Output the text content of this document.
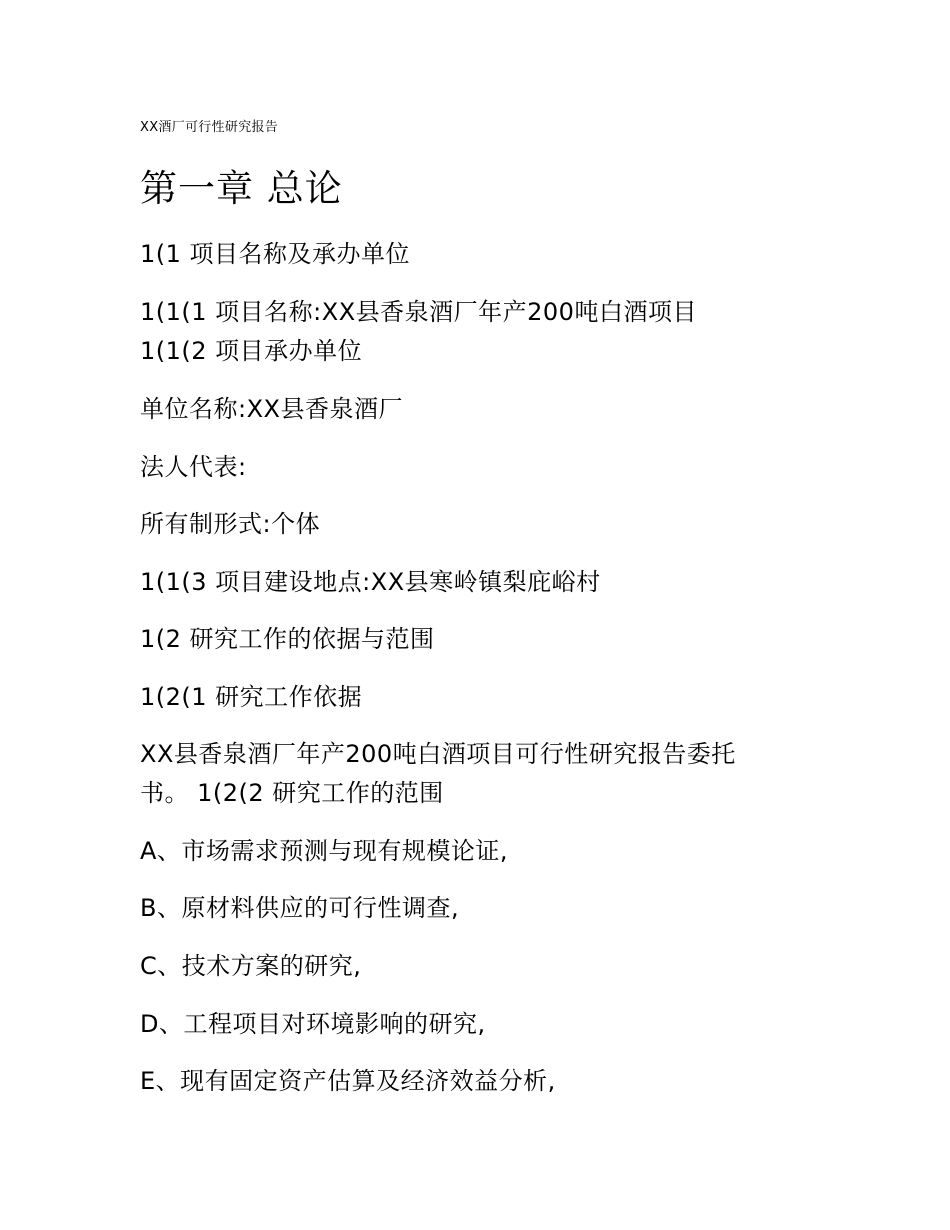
XX酒厂可行性研究报告

第一章 总论

1(1 项目名称及承办单位

1(1(1 项目名称:XX县香泉酒厂年产200吨白酒项目

1(1(2 项目承办单位

单位名称:XX县香泉酒厂

法人代表:

所有制形式:个体

1(1(3 项目建设地点:XX县寒岭镇梨庇峪村

1(2 研究工作的依据与范围

1(2(1 研究工作依据

XX县香泉酒厂年产200吨白酒项目可行性研究报告委托

书。 1(2(2 研究工作的范围

A、市场需求预测与现有规模论证,

B、原材料供应的可行性调查,

C、技术方案的研究,

D、工程项目对环境影响的研究,

E、现有固定资产估算及经济效益分析,
